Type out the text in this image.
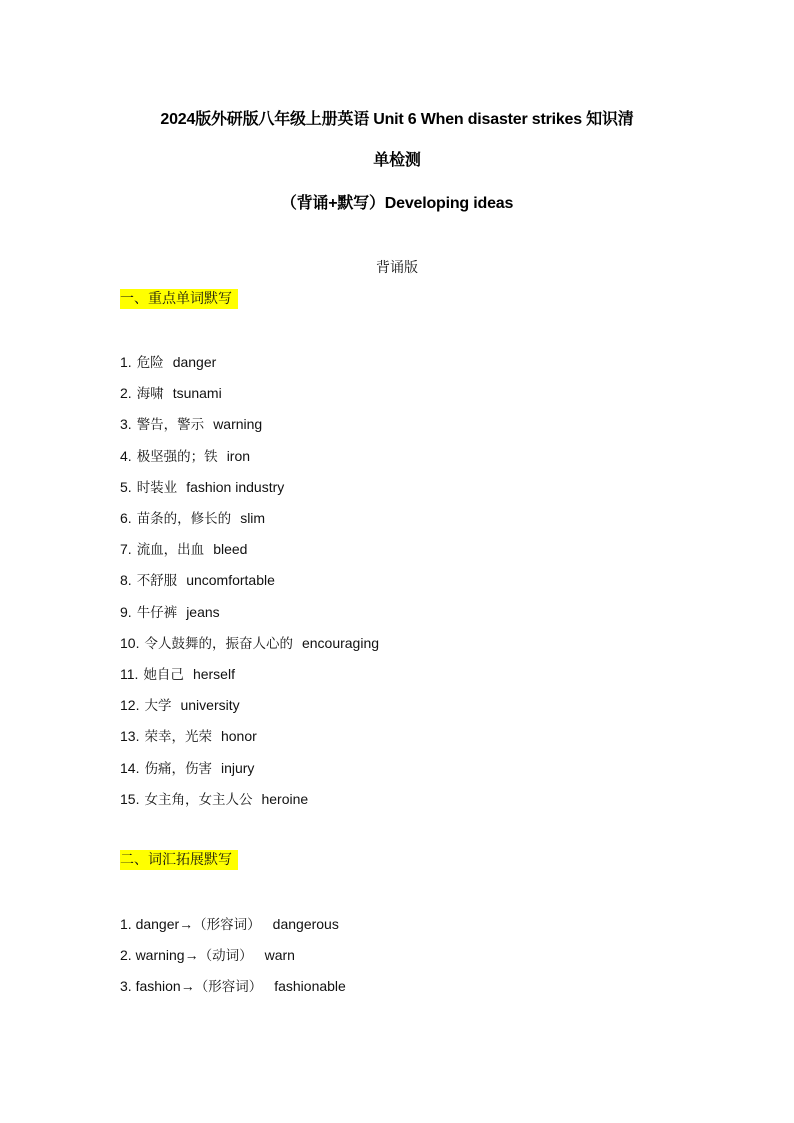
2024版外研版八年级上册英语 Unit 6 When disaster strikes 知识清
单检测
（背诵+默写）Developing ideas
背诵版
一、重点单词默写
1. 危险 danger
2. 海啸 tsunami
3. 警告，警示 warning
4. 极坚强的；铁 iron
5. 时装业 fashion industry
6. 苗条的，修长的 slim
7. 流血，出血 bleed
8. 不舒服 uncomfortable
9. 牛仔裤 jeans
10. 令人鼓舞的，振奋人心的 encouraging
11. 她自己 herself
12. 大学 university
13. 荣幸，光荣 honor
14. 伤痛，伤害 injury
15. 女主角，女主人公 heroine
二、词汇拓展默写
1. danger→（形容词） dangerous
2. warning→（动词） warn
3. fashion→（形容词） fashionable
